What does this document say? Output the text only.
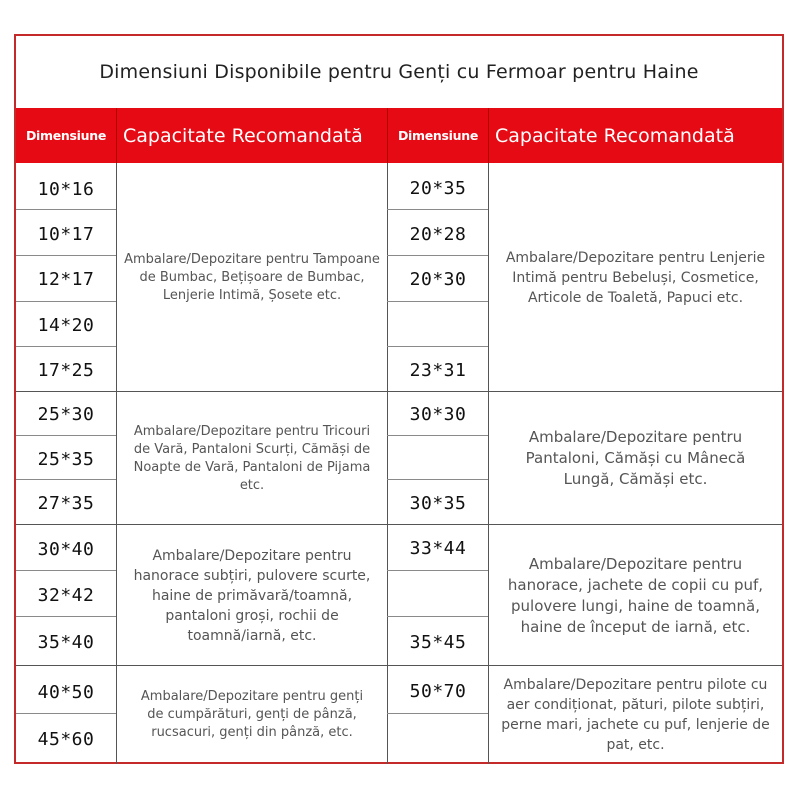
Dimensiuni Disponibile pentru Genți cu Fermoar pentru Haine
Dimensiune Capacitate Recomandată	Dimensiune Capacitate Recomandată
10*16
10*17
12*17
14*20
17*25
20*35
20*28
20*30
23*31
Ambalare/Depozitare pentru Tampoane de Bumbac, Bețișoare de Bumbac, Lenjerie Intimă, Șosete etc.
Ambalare/Depozitare pentru Lenjerie Intimă pentru Bebeluși, Cosmetice, Articole de Toaletă, Papuci etc.
25*30
25*35
27*35
30*30
30*35
Ambalare/Depozitare pentru Tricouri de Vară, Pantaloni Scurți, Cămăși de Noapte de Vară, Pantaloni de Pijama etc.
Ambalare/Depozitare pentru Pantaloni, Cămăși cu Mânecă Lungă, Cămăși etc.
30*40
32*42
35*40
33*44
35*45
Ambalare/Depozitare pentru hanorace subțiri, pulovere scurte, haine de primăvară/toamnă, pantaloni groși, rochii de toamnă/iarnă, etc.
Ambalare/Depozitare pentru hanorace, jachete de copii cu puf, pulovere lungi, haine de toamnă, haine de început de iarnă, etc.
40*50
45*60
50*70
Ambalare/Depozitare pentru genți de cumpărături, genți de pânză, rucsacuri, genți din pânză, etc.
Ambalare/Depozitare pentru pilote cu aer condiționat, pături, pilote subțiri, perne mari, jachete cu puf, lenjerie de pat, etc.
